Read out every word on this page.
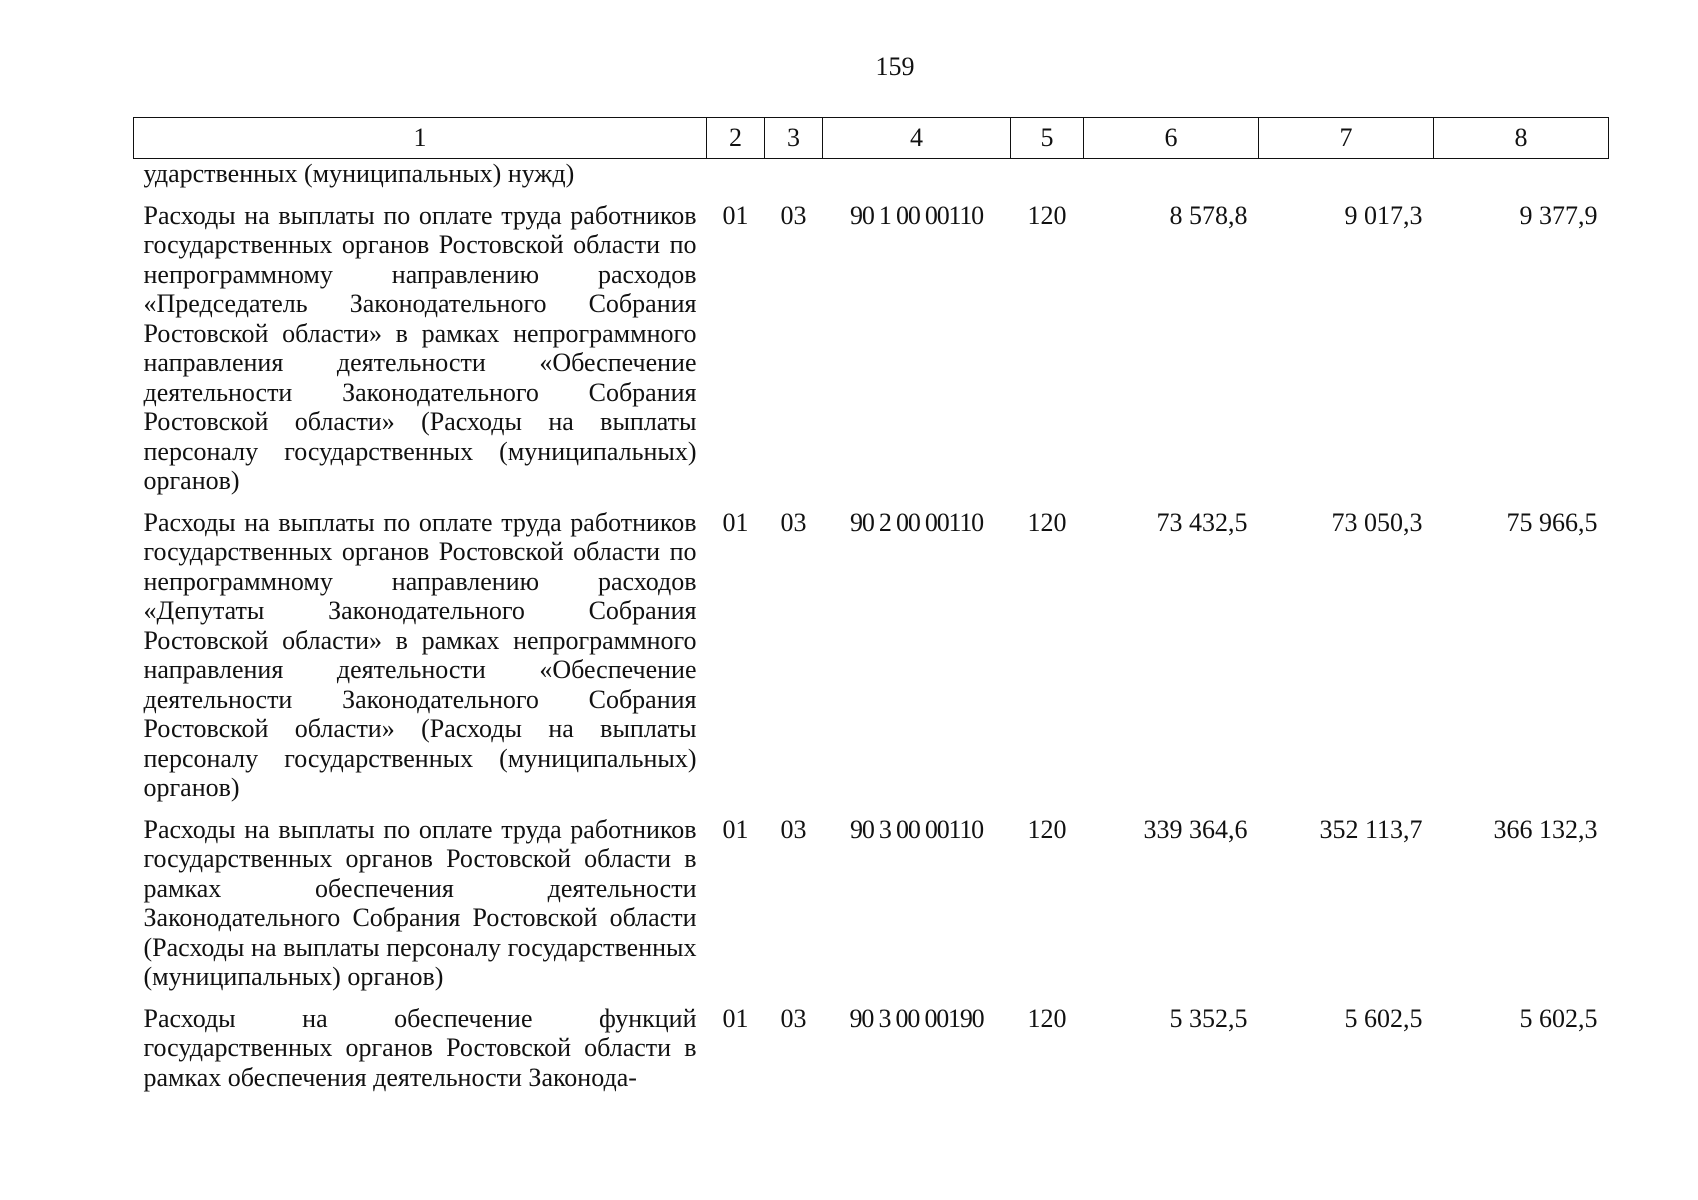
159
1	2	3	4	5	6	7	8
ударственных (муниципальных) нужд)							
Расходы на выплаты по оплате труда работников государственных органов Ростовской области по непрограммному направлению расходов «Председатель Законодательного Собрания Ростовской области» в рамках непрограммного направления деятельности «Обеспечение деятельности Законодательного Собрания Ростовской области» (Расходы на выплаты персоналу государственных (муниципальных) органов)	01	03	90 1 00 00110	120	8 578,8	9 017,3	9 377,9
Расходы на выплаты по оплате труда работников государственных органов Ростовской области по непрограммному направлению расходов «Депутаты Законодательного Собрания Ростовской области» в рамках непрограммного направления деятельности «Обеспечение деятельности Законодательного Собрания Ростовской области» (Расходы на выплаты персоналу государственных (муниципальных) органов)	01	03	90 2 00 00110	120	73 432,5	73 050,3	75 966,5
Расходы на выплаты по оплате труда работников государственных органов Ростовской области в рамках обеспечения деятельности Законодательного Собрания Ростовской области (Расходы на выплаты персоналу государственных (муниципальных) органов)	01	03	90 3 00 00110	120	339 364,6	352 113,7	366 132,3
Расходы на обеспечение функций государственных органов Ростовской области в рамках обеспечения деятельности Законода-	01	03	90 3 00 00190	120	5 352,5	5 602,5	5 602,5
